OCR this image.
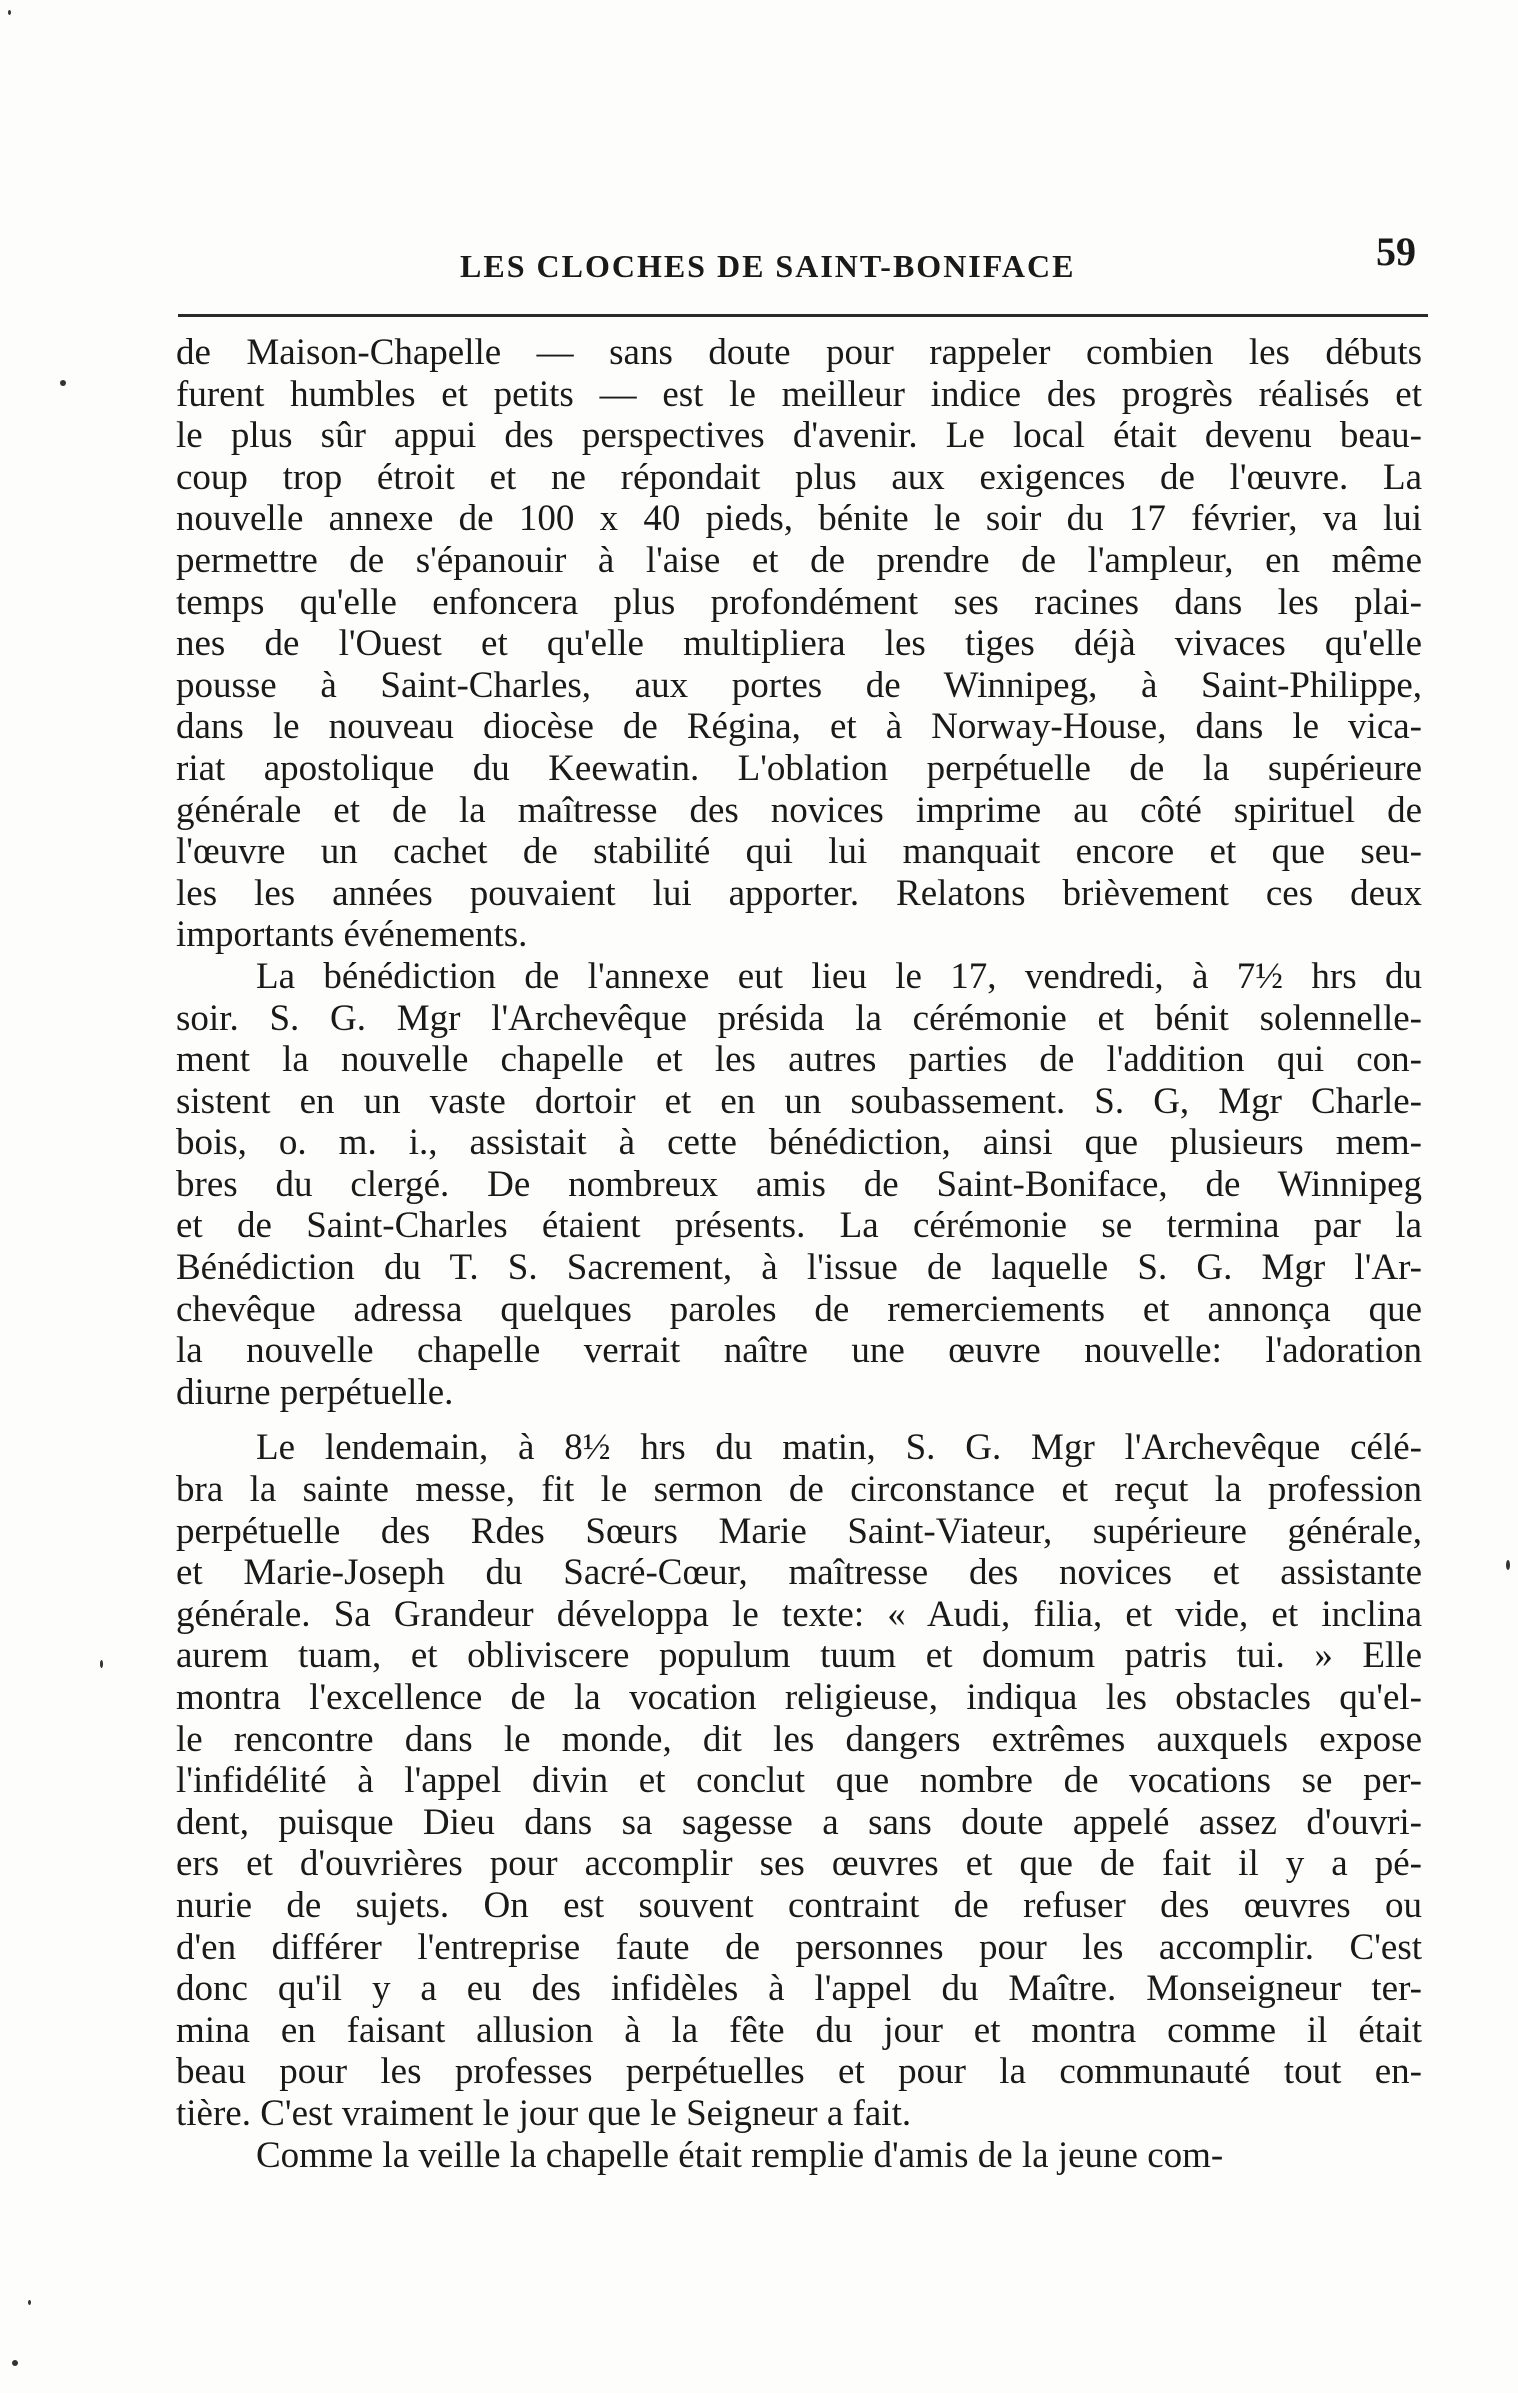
LES CLOCHES DE SAINT-BONIFACE	59
de Maison-Chapelle — sans doute pour rappeler combien les débuts
furent humbles et petits — est le meilleur indice des progrès réalisés et
le plus sûr appui des perspectives d'avenir. Le local était devenu beau-
coup trop étroit et ne répondait plus aux exigences de l'œuvre. La
nouvelle annexe de 100 x 40 pieds, bénite le soir du 17 février, va lui
permettre de s'épanouir à l'aise et de prendre de l'ampleur, en même
temps qu'elle enfoncera plus profondément ses racines dans les plai-
nes de l'Ouest et qu'elle multipliera les tiges déjà vivaces qu'elle
pousse à Saint-Charles, aux portes de Winnipeg, à Saint-Philippe,
dans le nouveau diocèse de Régina, et à Norway-House, dans le vica-
riat apostolique du Keewatin. L'oblation perpétuelle de la supérieure
générale et de la maîtresse des novices imprime au côté spirituel de
l'œuvre un cachet de stabilité qui lui manquait encore et que seu-
les les années pouvaient lui apporter. Relatons brièvement ces deux
importants événements.
La bénédiction de l'annexe eut lieu le 17, vendredi, à 7½ hrs du
soir. S. G. Mgr l'Archevêque présida la cérémonie et bénit solennelle-
ment la nouvelle chapelle et les autres parties de l'addition qui con-
sistent en un vaste dortoir et en un soubassement. S. G, Mgr Charle-
bois, o. m. i., assistait à cette bénédiction, ainsi que plusieurs mem-
bres du clergé. De nombreux amis de Saint-Boniface, de Winnipeg
et de Saint-Charles étaient présents. La cérémonie se termina par la
Bénédiction du T. S. Sacrement, à l'issue de laquelle S. G. Mgr l'Ar-
chevêque adressa quelques paroles de remerciements et annonça que
la nouvelle chapelle verrait naître une œuvre nouvelle: l'adoration
diurne perpétuelle.
Le lendemain, à 8½ hrs du matin, S. G. Mgr l'Archevêque célé-
bra la sainte messe, fit le sermon de circonstance et reçut la profession
perpétuelle des Rdes Sœurs Marie Saint-Viateur, supérieure générale,
et Marie-Joseph du Sacré-Cœur, maîtresse des novices et assistante
générale. Sa Grandeur développa le texte: « Audi, filia, et vide, et inclina
aurem tuam, et obliviscere populum tuum et domum patris tui. » Elle
montra l'excellence de la vocation religieuse, indiqua les obstacles qu'el-
le rencontre dans le monde, dit les dangers extrêmes auxquels expose
l'infidélité à l'appel divin et conclut que nombre de vocations se per-
dent, puisque Dieu dans sa sagesse a sans doute appelé assez d'ouvri-
ers et d'ouvrières pour accomplir ses œuvres et que de fait il y a pé-
nurie de sujets. On est souvent contraint de refuser des œuvres ou
d'en différer l'entreprise faute de personnes pour les accomplir. C'est
donc qu'il y a eu des infidèles à l'appel du Maître. Monseigneur ter-
mina en faisant allusion à la fête du jour et montra comme il était
beau pour les professes perpétuelles et pour la communauté tout en-
tière. C'est vraiment le jour que le Seigneur a fait.
Comme la veille la chapelle était remplie d'amis de la jeune com-
